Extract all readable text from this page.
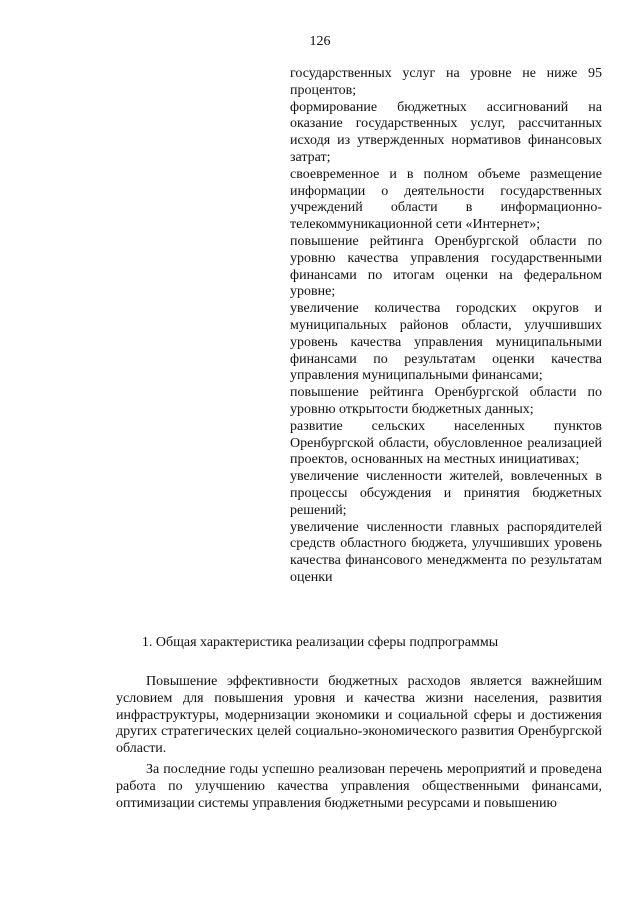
126
государственных услуг на уровне не ниже 95 процентов;
формирование бюджетных ассигнований на оказание государственных услуг, рассчитанных исходя из утвержденных нормативов финансовых затрат;
своевременное и в полном объеме размещение информации о деятельности государственных учреждений области в информационно-телекоммуникационной сети «Интернет»;
повышение рейтинга Оренбургской области по уровню качества управления государственными финансами по итогам оценки на федеральном уровне;
увеличение количества городских округов и муниципальных районов области, улучшивших уровень качества управления муниципальными финансами по результатам оценки качества управления муниципальными финансами;
повышение рейтинга Оренбургской области по уровню открытости бюджетных данных;
развитие сельских населенных пунктов Оренбургской области, обусловленное реализацией проектов, основанных на местных инициативах;
увеличение численности жителей, вовлеченных в процессы обсуждения и принятия бюджетных решений;
увеличение численности главных распорядителей средств областного бюджета, улучшивших уровень качества финансового менеджмента по результатам оценки
1. Общая характеристика реализации сферы подпрограммы

Повышение эффективности бюджетных расходов является важнейшим условием для повышения уровня и качества жизни населения, развития инфраструктуры, модернизации экономики и социальной сферы и достижения других стратегических целей социально-экономического развития Оренбургской области.

За последние годы успешно реализован перечень мероприятий и проведена работа по улучшению качества управления общественными финансами, оптимизации системы управления бюджетными ресурсами и повышению
